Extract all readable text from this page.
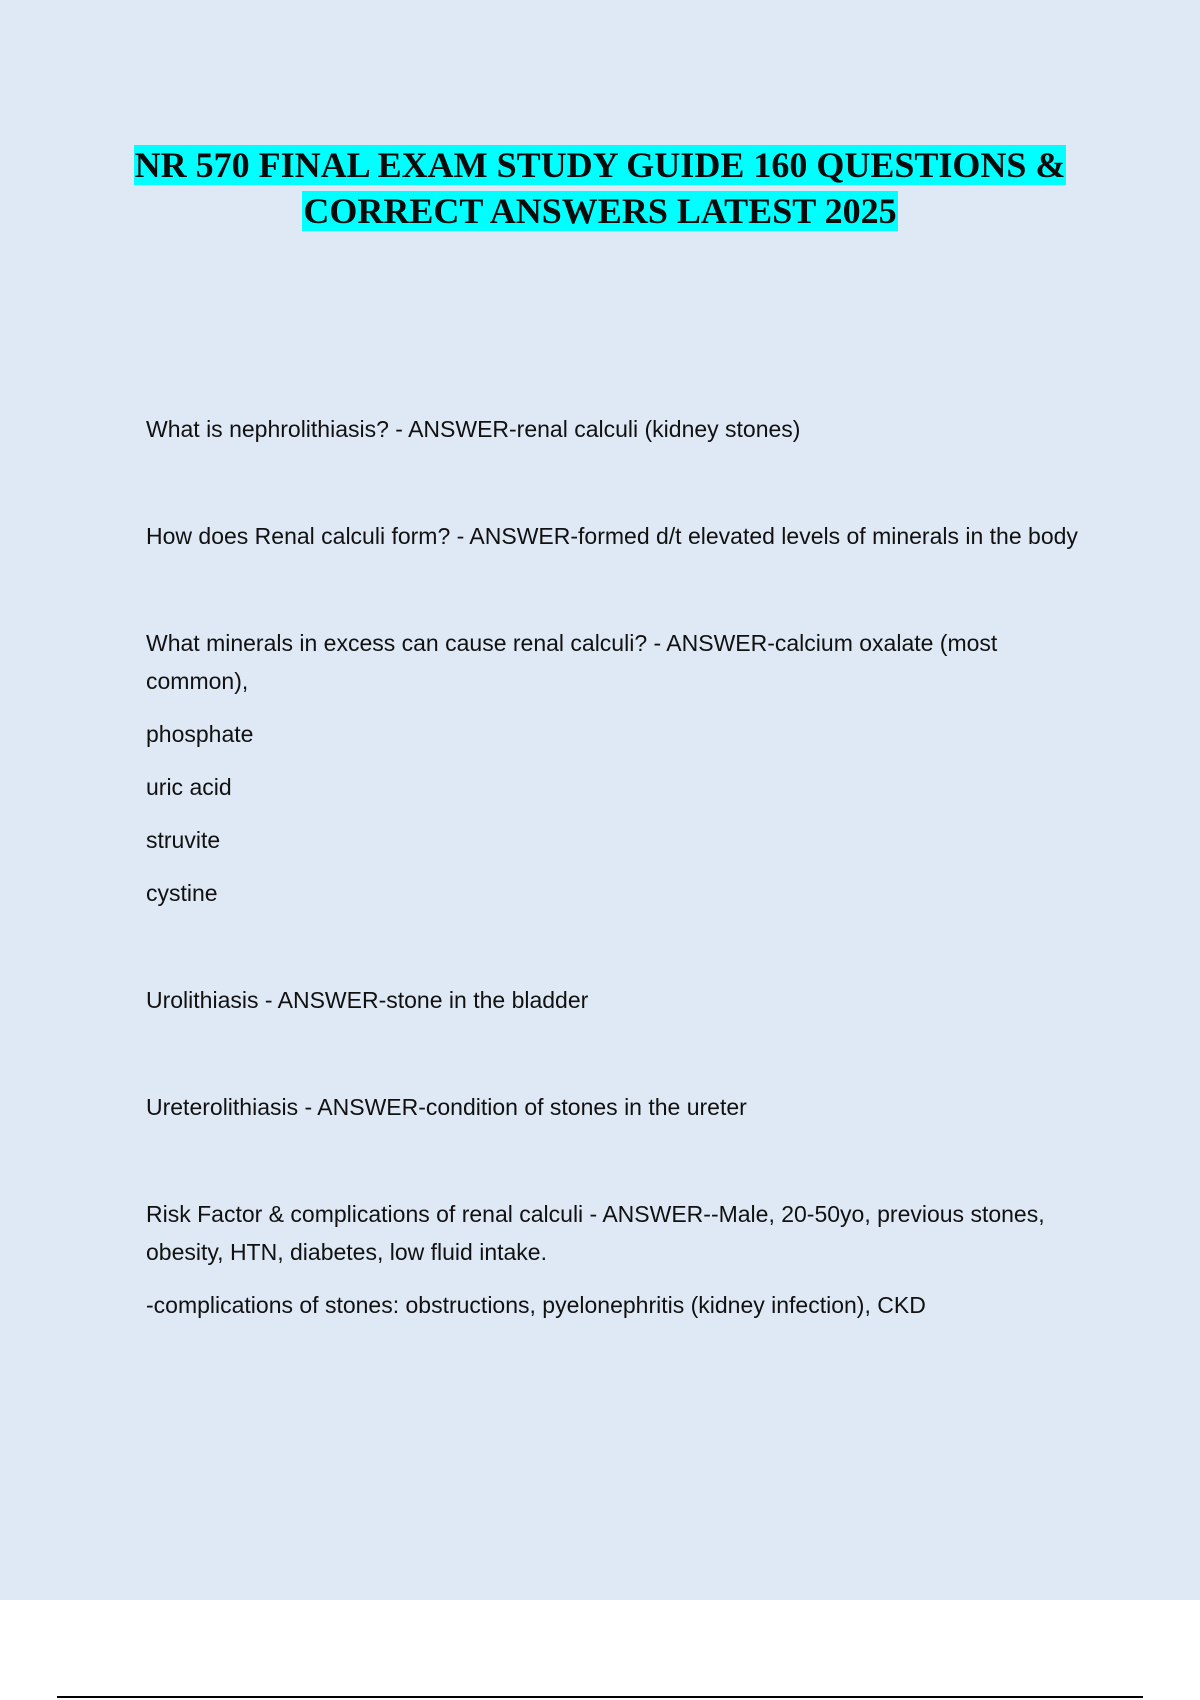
NR 570 FINAL EXAM STUDY GUIDE 160 QUESTIONS &
CORRECT ANSWERS LATEST 2025

What is nephrolithiasis? - ANSWER-renal calculi (kidney stones)

How does Renal calculi form? - ANSWER-formed d/t elevated levels of minerals in the body

What minerals in excess can cause renal calculi? - ANSWER-calcium oxalate (most common),

phosphate

uric acid

struvite

cystine

Urolithiasis - ANSWER-stone in the bladder

Ureterolithiasis - ANSWER-condition of stones in the ureter

Risk Factor & complications of renal calculi - ANSWER--Male, 20-50yo, previous stones, obesity, HTN, diabetes, low fluid intake.

-complications of stones: obstructions, pyelonephritis (kidney infection), CKD
